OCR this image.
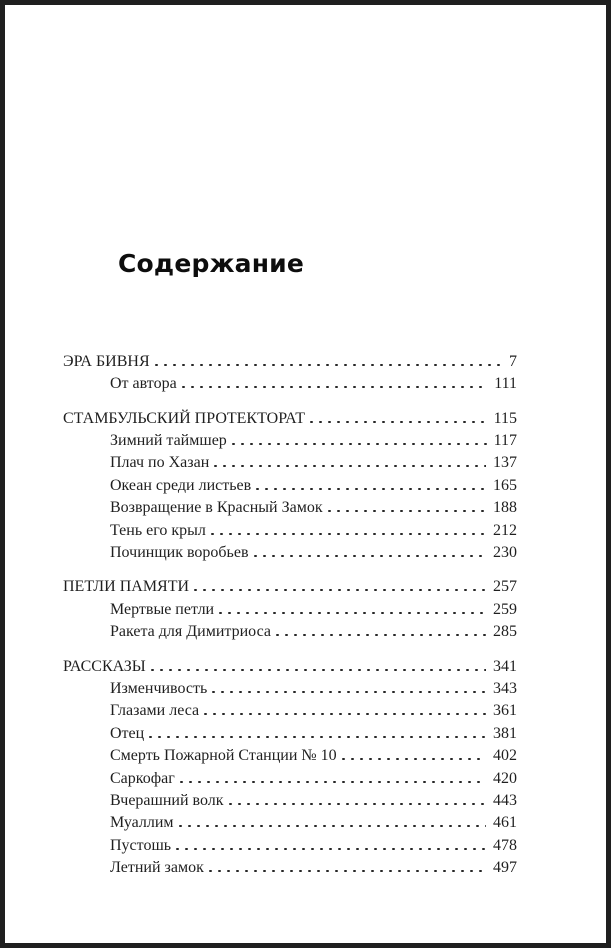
Содержание
ЭРА БИВНЯ	7
От автора	111
СТАМБУЛЬСКИЙ ПРОТЕКТОРАТ	115
Зимний таймшер	117
Плач по Хазан	137
Океан среди листьев	165
Возвращение в Красный Замок	188
Тень его крыл	212
Починщик воробьев	230
ПЕТЛИ ПАМЯТИ	257
Мертвые петли	259
Ракета для Димитриоса	285
РАССКАЗЫ	341
Изменчивость	343
Глазами леса	361
Отец	381
Смерть Пожарной Станции № 10	402
Саркофаг	420
Вчерашний волк	443
Муаллим	461
Пустошь	478
Летний замок	497
